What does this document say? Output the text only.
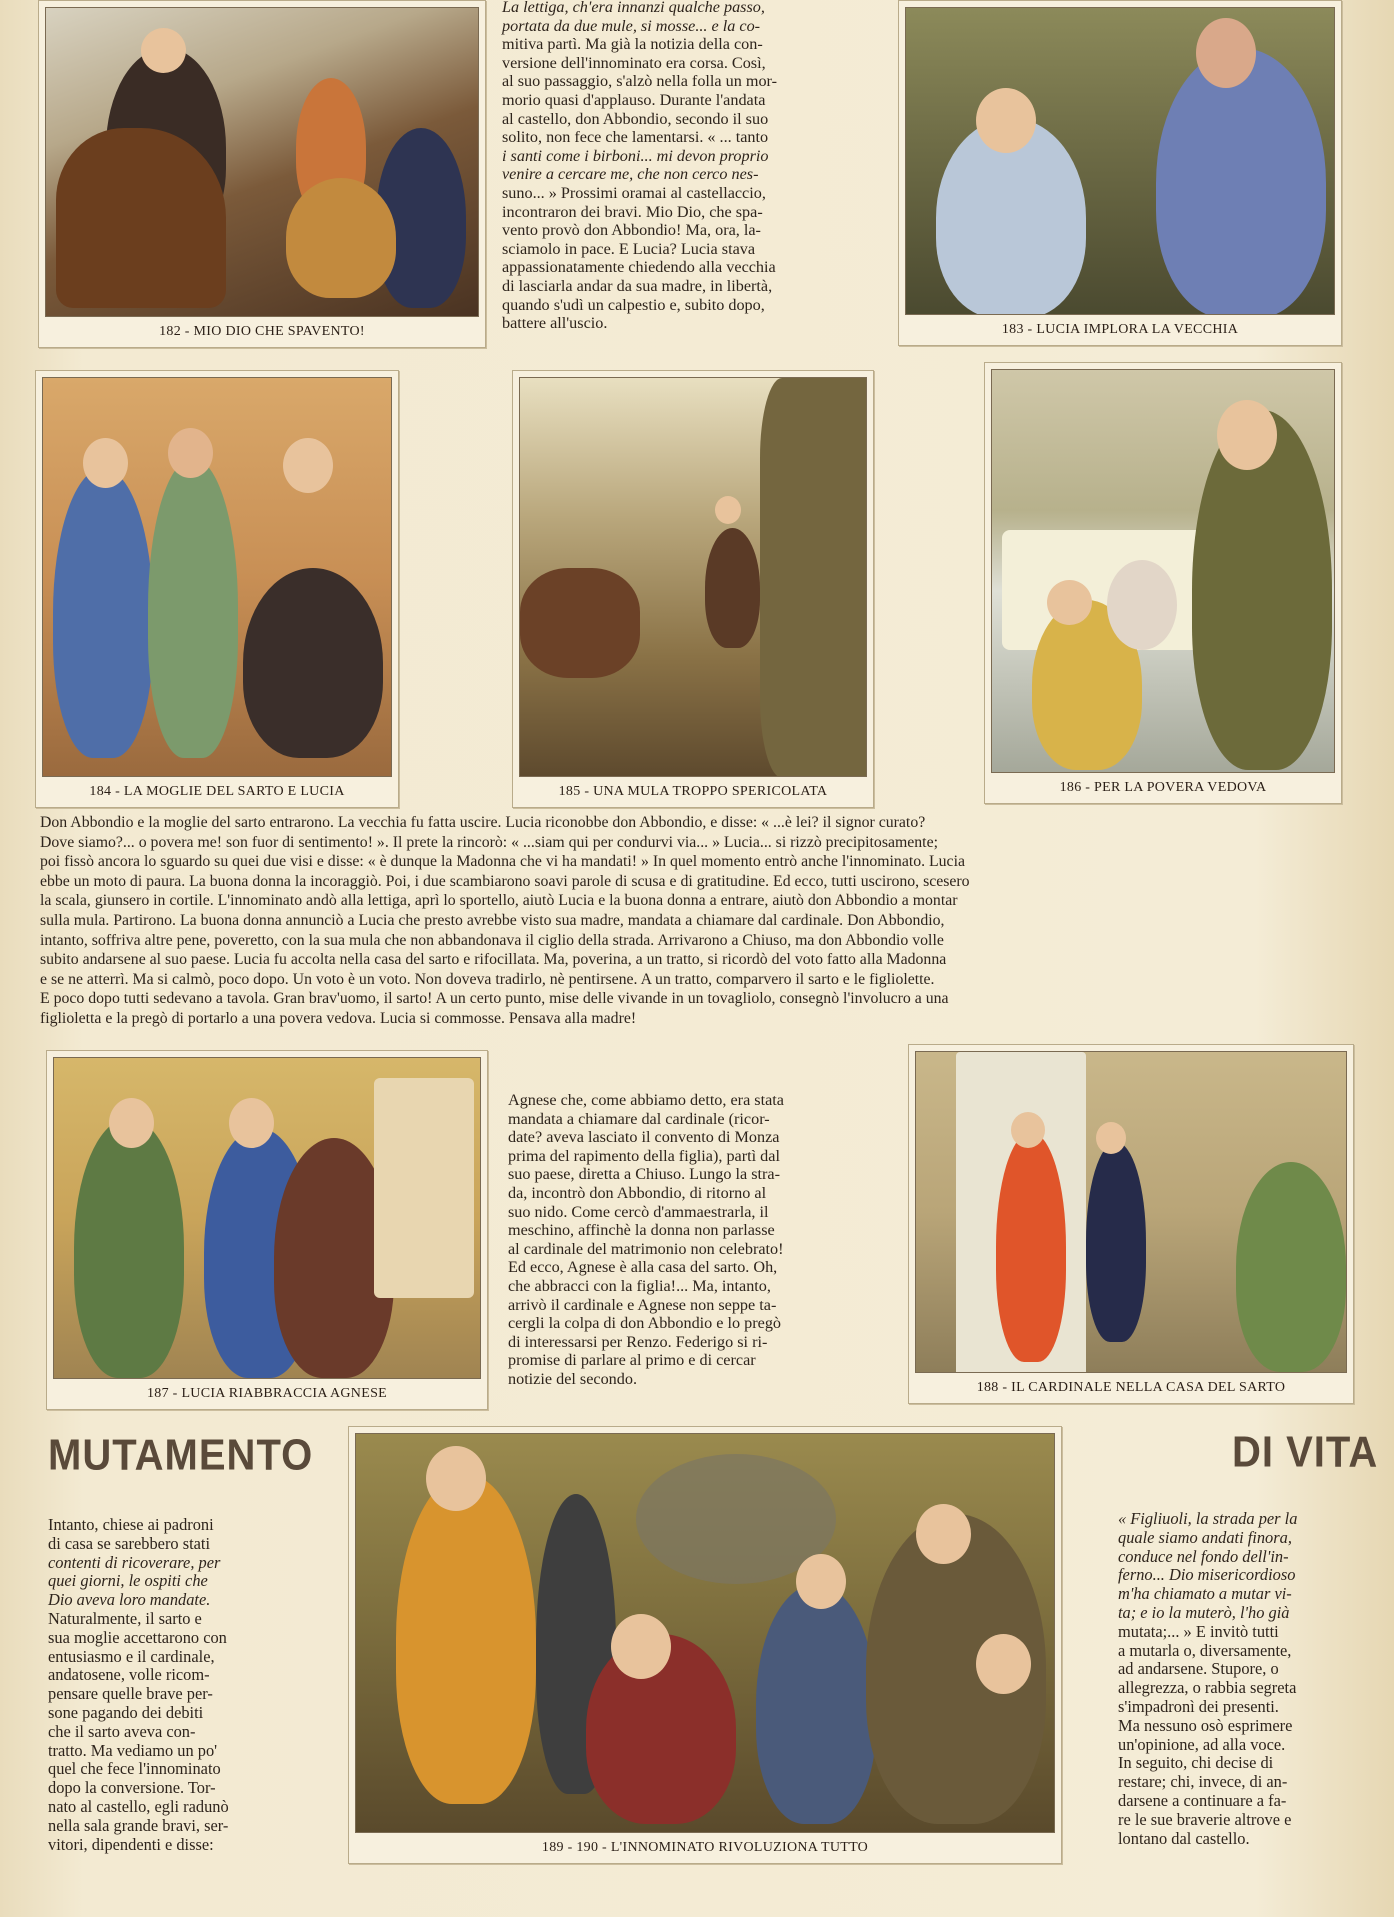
182 - MIO DIO CHE SPAVENTO!
La lettiga, ch'era innanzi qualche passo,
portata da due mule, si mosse... e la co-
mitiva partì. Ma già la notizia della con-
versione dell'innominato era corsa. Così,
al suo passaggio, s'alzò nella folla un mor-
morio quasi d'applauso. Durante l'andata
al castello, don Abbondio, secondo il suo
solito, non fece che lamentarsi. « ... tanto
i santi come i birboni... mi devon proprio
venire a cercare me, che non cerco nes-
suno... » Prossimi oramai al castellaccio,
incontraron dei bravi. Mio Dio, che spa-
vento provò don Abbondio! Ma, ora, la-
sciamolo in pace. E Lucia? Lucia stava
appassionatamente chiedendo alla vecchia
di lasciarla andar da sua madre, in libertà,
quando s'udì un calpestio e, subito dopo,
battere all'uscio.	183 - LUCIA IMPLORA LA VECCHIA
184 - LA MOGLIE DEL SARTO E LUCIA	185 - UNA MULA TROPPO SPERICOLATA	186 - PER LA POVERA VEDOVA
Don Abbondio e la moglie del sarto entrarono. La vecchia fu fatta uscire. Lucia riconobbe don Abbondio, e disse: « ...è lei? il signor curato?
Dove siamo?... o povera me! son fuor di sentimento! ». Il prete la rincorò: « ...siam qui per condurvi via... » Lucia... si rizzò precipitosamente;
poi fissò ancora lo sguardo su quei due visi e disse: « è dunque la Madonna che vi ha mandati! » In quel momento entrò anche l'innominato. Lucia
ebbe un moto di paura. La buona donna la incoraggiò. Poi, i due scambiarono soavi parole di scusa e di gratitudine. Ed ecco, tutti uscirono, scesero
la scala, giunsero in cortile. L'innominato andò alla lettiga, aprì lo sportello, aiutò Lucia e la buona donna a entrare, aiutò don Abbondio a montar
sulla mula. Partirono. La buona donna annunciò a Lucia che presto avrebbe visto sua madre, mandata a chiamare dal cardinale. Don Abbondio,
intanto, soffriva altre pene, poveretto, con la sua mula che non abbandonava il ciglio della strada. Arrivarono a Chiuso, ma don Abbondio volle
subito andarsene al suo paese. Lucia fu accolta nella casa del sarto e rifocillata. Ma, poverina, a un tratto, si ricordò del voto fatto alla Madonna
e se ne atterrì. Ma si calmò, poco dopo. Un voto è un voto. Non doveva tradirlo, nè pentirsene. A un tratto, comparvero il sarto e le figliolette.
E poco dopo tutti sedevano a tavola. Gran brav'uomo, il sarto! A un certo punto, mise delle vivande in un tovagliolo, consegnò l'involucro a una
figlioletta e la pregò di portarlo a una povera vedova. Lucia si commosse. Pensava alla madre!
187 - LUCIA RIABBRACCIA AGNESE
Agnese che, come abbiamo detto, era stata
mandata a chiamare dal cardinale (ricor-
date? aveva lasciato il convento di Monza
prima del rapimento della figlia), partì dal
suo paese, diretta a Chiuso. Lungo la stra-
da, incontrò don Abbondio, di ritorno al
suo nido. Come cercò d'ammaestrarla, il
meschino, affinchè la donna non parlasse
al cardinale del matrimonio non celebrato!
Ed ecco, Agnese è alla casa del sarto. Oh,
che abbracci con la figlia!... Ma, intanto,
arrivò il cardinale e Agnese non seppe ta-
cergli la colpa di don Abbondio e lo pregò
di interessarsi per Renzo. Federigo si ri-
promise di parlare al primo e di cercar
notizie del secondo.	188 - IL CARDINALE NELLA CASA DEL SARTO
MUTAMENTO	DI VITA
Intanto, chiese ai padroni
di casa se sarebbero stati
contenti di ricoverare, per
quei giorni, le ospiti che
Dio aveva loro mandate.
Naturalmente, il sarto e
sua moglie accettarono con
entusiasmo e il cardinale,
andatosene, volle ricom-
pensare quelle brave per-
sone pagando dei debiti
che il sarto aveva con-
tratto. Ma vediamo un po'
quel che fece l'innominato
dopo la conversione. Tor-
nato al castello, egli radunò
nella sala grande bravi, ser-
vitori, dipendenti e disse:	189 - 190 - L'INNOMINATO RIVOLUZIONA TUTTO
« Figliuoli, la strada per la
quale siamo andati finora,
conduce nel fondo dell'in-
ferno... Dio misericordioso
m'ha chiamato a mutar vi-
ta; e io la muterò, l'ho già
mutata;... » E invitò tutti
a mutarla o, diversamente,
ad andarsene. Stupore, o
allegrezza, o rabbia segreta
s'impadronì dei presenti.
Ma nessuno osò esprimere
un'opinione, ad alla voce.
In seguito, chi decise di
restare; chi, invece, di an-
darsene a continuare a fa-
re le sue braverie altrove e
lontano dal castello.
